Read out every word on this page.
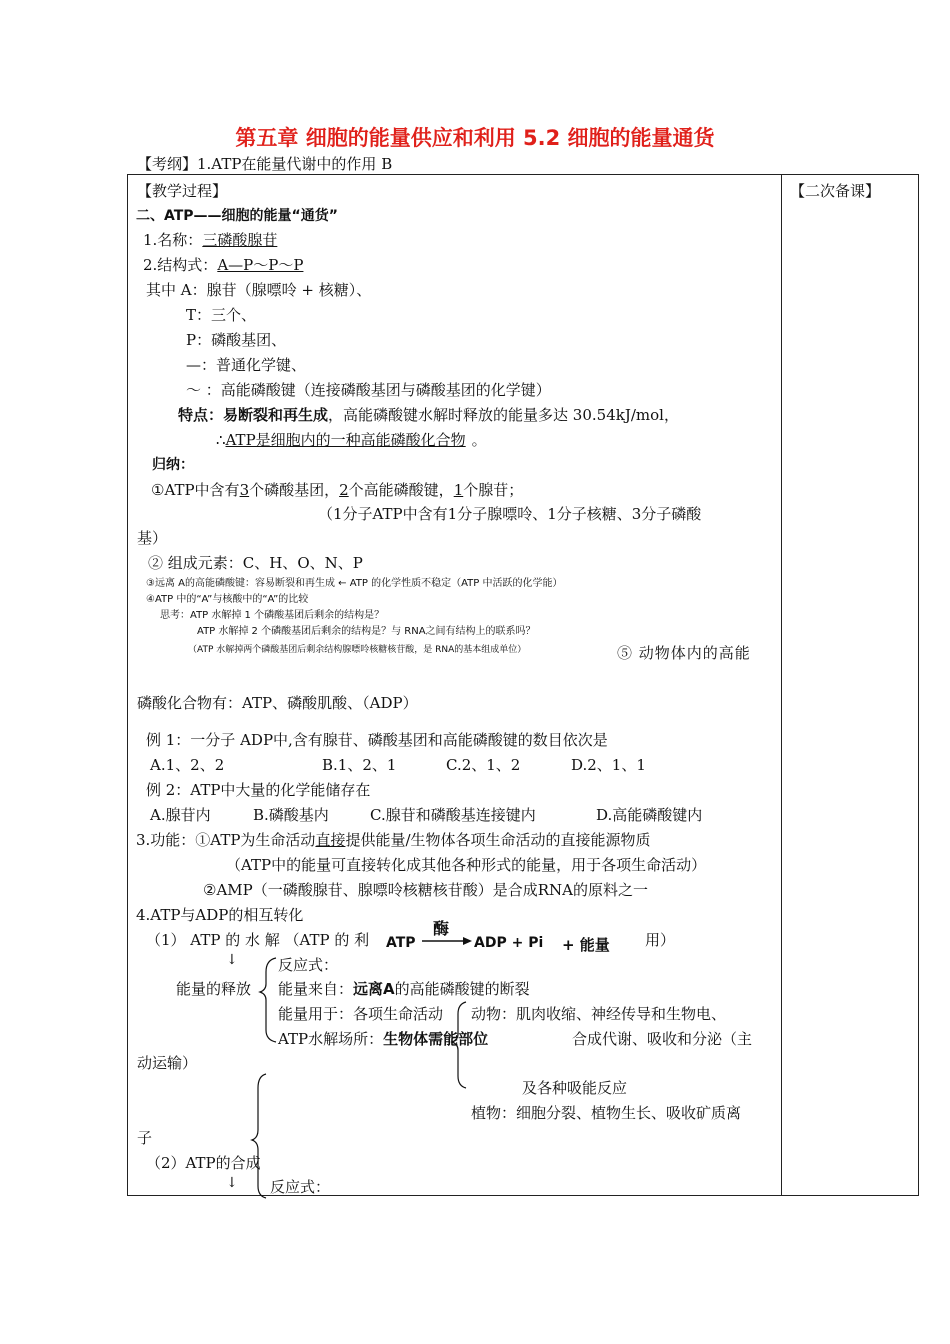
第五章 细胞的能量供应和利用 5.2 细胞的能量通货
【考纲】1.ATP在能量代谢中的作用 B
【教学过程】	【二次备课】
二、ATP——细胞的能量“通货”
1.名称：三磷酸腺苷
2.结构式：A—P～P～P
其中 A：腺苷（腺嘌呤 + 核糖）、
T：三个、
P：磷酸基团、
—：普通化学键、
～ ：高能磷酸键（连接磷酸基团与磷酸基团的化学键）
特点：易断裂和再生成，高能磷酸键水解时释放的能量多达 30.54kJ/mol，
∴ATP是细胞内的一种高能磷酸化合物 。
归纳：
①ATP中含有3个磷酸基团，2个高能磷酸键，1个腺苷；
（1分子ATP中含有1分子腺嘌呤、1分子核糖、3分子磷酸
基）
② 组成元素：C、H、O、N、P
③远离 A的高能磷酸键：容易断裂和再生成 ← ATP 的化学性质不稳定（ATP 中活跃的化学能）
④ATP 中的“A”与核酸中的“A”的比较
思考：ATP 水解掉 1 个磷酸基团后剩余的结构是？
ATP 水解掉 2 个磷酸基团后剩余的结构是？与 RNA之间有结构上的联系吗？
（ATP 水解掉两个磷酸基团后剩余结构腺嘌呤核糖核苷酸，是 RNA的基本组成单位）	⑤ 动物体内的高能
磷酸化合物有：ATP、磷酸肌酸、（ADP）
例 1：一分子 ADP中,含有腺苷、磷酸基团和高能磷酸键的数目依次是
A.1、2、2	B.1、2、1	C.2、1、2	D.2、1、1
例 2：ATP中大量的化学能储存在
A.腺苷内	B.磷酸基内	C.腺苷和磷酸基连接键内	D.高能磷酸键内
3.功能：①ATP为生命活动直接提供能量/生物体各项生命活动的直接能源物质
（ATP中的能量可直接转化成其他各种形式的能量，用于各项生命活动）
②AMP（一磷酸腺苷、腺嘌呤核糖核苷酸）是合成RNA的原料之一
4.ATP与ADP的相互转化
（1） ATP 的 水 解 （ATP 的 利	用）
ATP
酶
ADP + Pi + 能量
↓	反应式：
能量的释放 能量来自：远离A的高能磷酸键的断裂
能量用于：各项生命活动 动物：肌肉收缩、神经传导和生物电、
ATP水解场所：生物体需能部位	合成代谢、吸收和分泌（主
动运输）
及各种吸能反应
植物：细胞分裂、植物生长、吸收矿质离
子
（2）ATP的合成
↓ 反应式：
